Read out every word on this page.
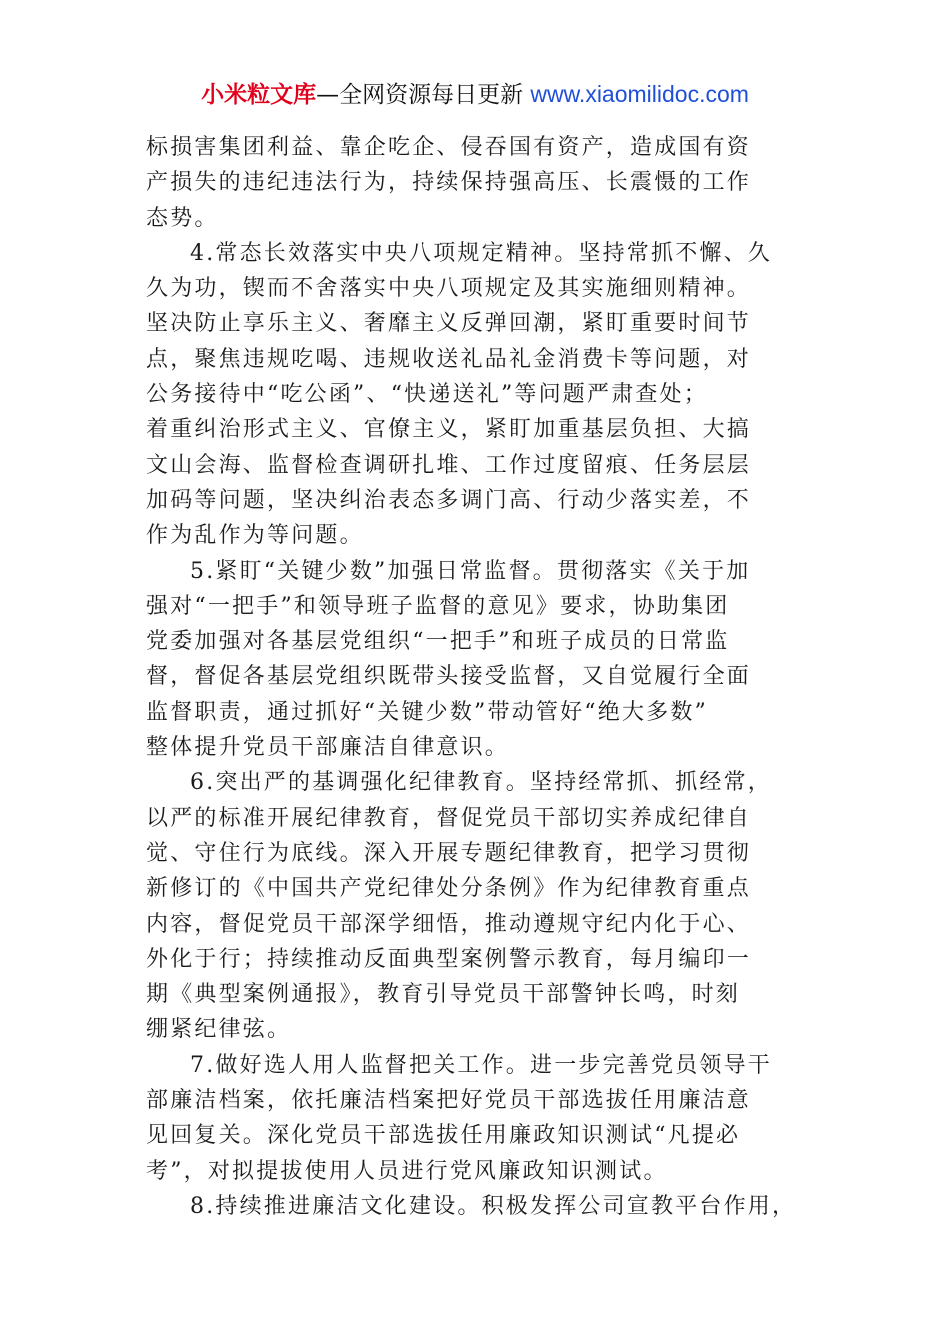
小米粒文库—全网资源每日更新 www.xiaomilidoc.com
标损害集团利益、靠企吃企、侵吞国有资产，造成国有资
产损失的违纪违法行为，持续保持强高压、长震慑的工作
态势。
4.常态长效落实中央八项规定精神。坚持常抓不懈、久
久为功，锲而不舍落实中央八项规定及其实施细则精神。
坚决防止享乐主义、奢靡主义反弹回潮，紧盯重要时间节
点，聚焦违规吃喝、违规收送礼品礼金消费卡等问题，对
公务接待中“吃公函”、“快递送礼”等问题严肃查处；
着重纠治形式主义、官僚主义，紧盯加重基层负担、大搞
文山会海、监督检查调研扎堆、工作过度留痕、任务层层
加码等问题，坚决纠治表态多调门高、行动少落实差，不
作为乱作为等问题。
5.紧盯“关键少数”加强日常监督。贯彻落实《关于加
强对“一把手”和领导班子监督的意见》要求，协助集团
党委加强对各基层党组织“一把手”和班子成员的日常监
督，督促各基层党组织既带头接受监督，又自觉履行全面
监督职责，通过抓好“关键少数”带动管好“绝大多数”
整体提升党员干部廉洁自律意识。
6.突出严的基调强化纪律教育。坚持经常抓、抓经常，
以严的标准开展纪律教育，督促党员干部切实养成纪律自
觉、守住行为底线。深入开展专题纪律教育，把学习贯彻
新修订的《中国共产党纪律处分条例》作为纪律教育重点
内容，督促党员干部深学细悟，推动遵规守纪内化于心、
外化于行；持续推动反面典型案例警示教育，每月编印一
期《典型案例通报》，教育引导党员干部警钟长鸣，时刻
绷紧纪律弦。
7.做好选人用人监督把关工作。进一步完善党员领导干
部廉洁档案，依托廉洁档案把好党员干部选拔任用廉洁意
见回复关。深化党员干部选拔任用廉政知识测试“凡提必
考”，对拟提拔使用人员进行党风廉政知识测试。
8.持续推进廉洁文化建设。积极发挥公司宣教平台作用，
